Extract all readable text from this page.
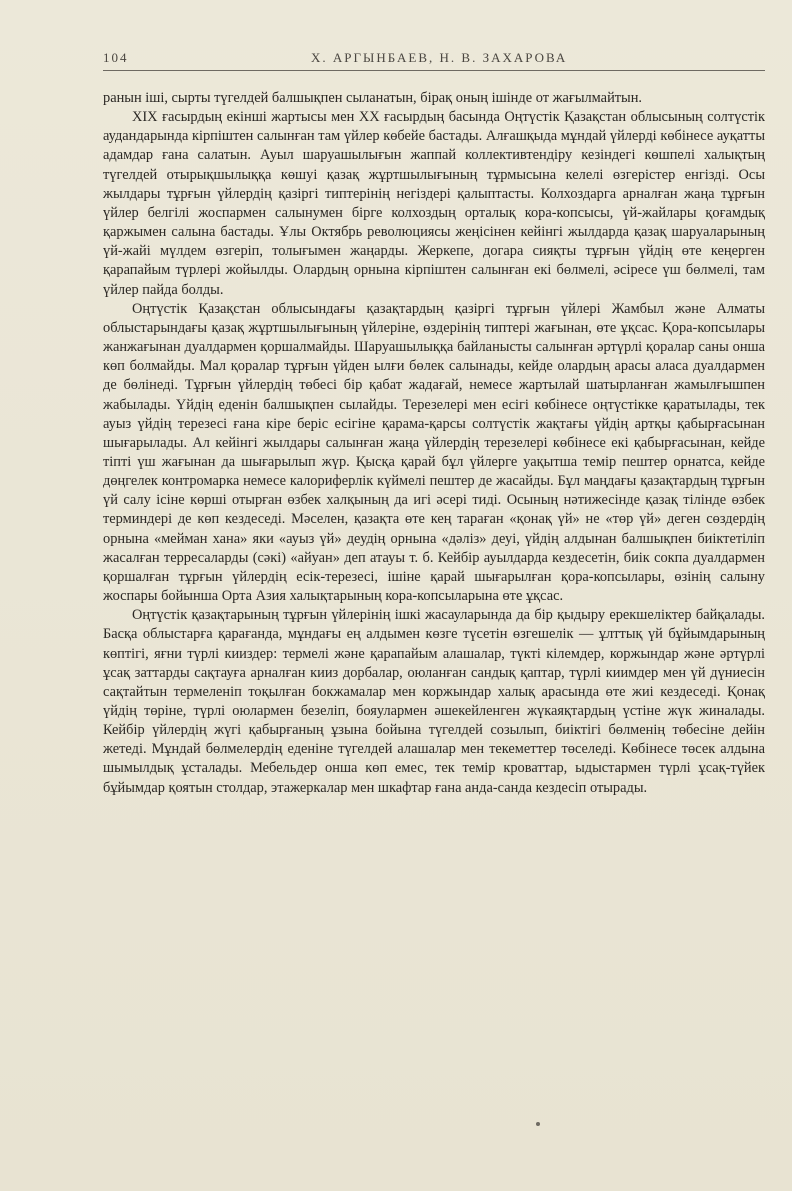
104	Х. АРГЫНБАЕВ, Н. В. ЗАХАРОВА

ранын іші, сырты түгелдей балшықпен сыланатын, бірақ оның ішінде от жағылмайтын.

XIX ғасырдың екінші жартысы мен XX ғасырдың басында Оңтүстік Қазақстан облысының солтүстік аудандарында кірпіштен салынған там үйлер көбейе бастады. Алғашқыда мұндай үйлерді көбінесе ауқатты адамдар ғана салатын. Ауыл шаруашылығын жаппай коллективтендіру кезіндегі көшпелі халықтың түгелдей отырықшылыққа көшуі қазақ жұртшылығының тұрмысына келелі өзгерістер енгізді. Осы жылдары тұрғын үйлердің қазіргі типтерінің негіздері қалыптасты. Колхоздарга арналған жаңа тұрғын үйлер белгілі жоспармен салынумен бірге колхоздың орталық кора-копсысы, үй-жайлары қоғамдық қаржымен салына бастады. Ұлы Октябрь революциясы жеңісінен кейінгі жылдарда қазақ шаруаларының үй-жайі мүлдем өзгеріп, толығымен жаңарды. Жеркепе, догара сияқты тұрғын үйдің өте кеңерген қарапайым түрлері жойылды. Олардың орнына кірпіштен салынған екі бөлмелі, әсіресе үш бөлмелі, там үйлер пайда болды.

Оңтүстік Қазақстан облысындағы қазақтардың қазіргі тұрғын үйлері Жамбыл және Алматы облыстарындағы қазақ жұртшылығының үйлеріне, өздерінің типтері жағынан, өте ұқсас. Қора-копсылары жанжағынан дуалдармен қоршалмайды. Шаруашылыққа байланысты салынған әртүрлі қоралар саны онша көп болмайды. Мал қоралар тұрғын үйден ылғи бөлек салынады, кейде олардың арасы аласа дуалдармен де бөлінеді. Тұрғын үйлердің төбесі бір қабат жадағай, немесе жартылай шатырланған жамылғышпен жабылады. Үйдің еденін балшықпен сылайды. Терезелері мен есігі көбінесе оңтүстікке қаратылады, тек ауыз үйдің терезесі ғана кіре беріс есігіне қарама-қарсы солтүстік жақтағы үйдің артқы қабырғасынан шығарылады. Ал кейінгі жылдары салынған жаңа үйлердің терезелері көбінесе екі қабырғасынан, кейде тіпті үш жағынан да шығарылып жүр. Қысқа қарай бұл үйлерге уақытша темір пештер орнатса, кейде дөңгелек контромарка немесе калориферлік күймелі пештер де жасайды. Бұл маңдағы қазақтардың тұрғын үй салу ісіне көрші отырған өзбек халқының да игі әсері тиді. Осының нәтижесінде қазақ тілінде өзбек терминдері де көп кездеседі. Мәселен, қазақта өте кең тараған «қонақ үй» не «төр үй» деген сөздердің орнына «мейман хана» яки «ауыз үй» деудің орнына «дәліз» деуі, үйдің алдынан балшықпен биіктетіліп жасалған терресаларды (сәкі) «айуан» деп атауы т. б. Кейбір ауылдарда кездесетін, биік сокпа дуалдармен қоршалған тұрғын үйлердің есік-терезесі, ішіне қарай шығарылған қора-копсылары, өзінің салыну жоспары бойынша Орта Азия халықтарының кора-копсыларына өте ұқсас.

Оңтүстік қазақтарының тұрғын үйлерінің ішкі жасауларында да бір қыдыру ерекшеліктер байқалады. Басқа облыстарға қарағанда, мұндағы ең алдымен көзге түсетін өзгешелік — ұлттық үй бұйымдарының көптігі, яғни түрлі кииздер: термелі және қарапайым алашалар, түкті кілемдер, коржындар және әртүрлі ұсақ заттарды сақтауға арналған кииз дорбалар, оюланған сандық қаптар, түрлі киимдер мен үй дүниесін сақтайтын термеленіп тоқылған бокжамалар мен коржындар халық арасында өте жиі кездеседі. Қонақ үйдің төріне, түрлі оюлармен безеліп, бояулармен әшекейленген жүкаяқтардың үстіне жүк жиналады. Кейбір үйлердің жүгі қабырғаның ұзына бойына түгелдей созылып, биіктігі бөлменің төбесіне дейін жетеді. Мұндай бөлмелердің еденіне түгелдей алашалар мен текеметтер төселеді. Көбінесе төсек алдына шымылдық ұсталады. Мебельдер онша көп емес, тек темір кроваттар, ыдыстармен түрлі ұсақ-түйек бұйымдар қоятын столдар, этажеркалар мен шкафтар ғана анда-санда кездесіп отырады.
